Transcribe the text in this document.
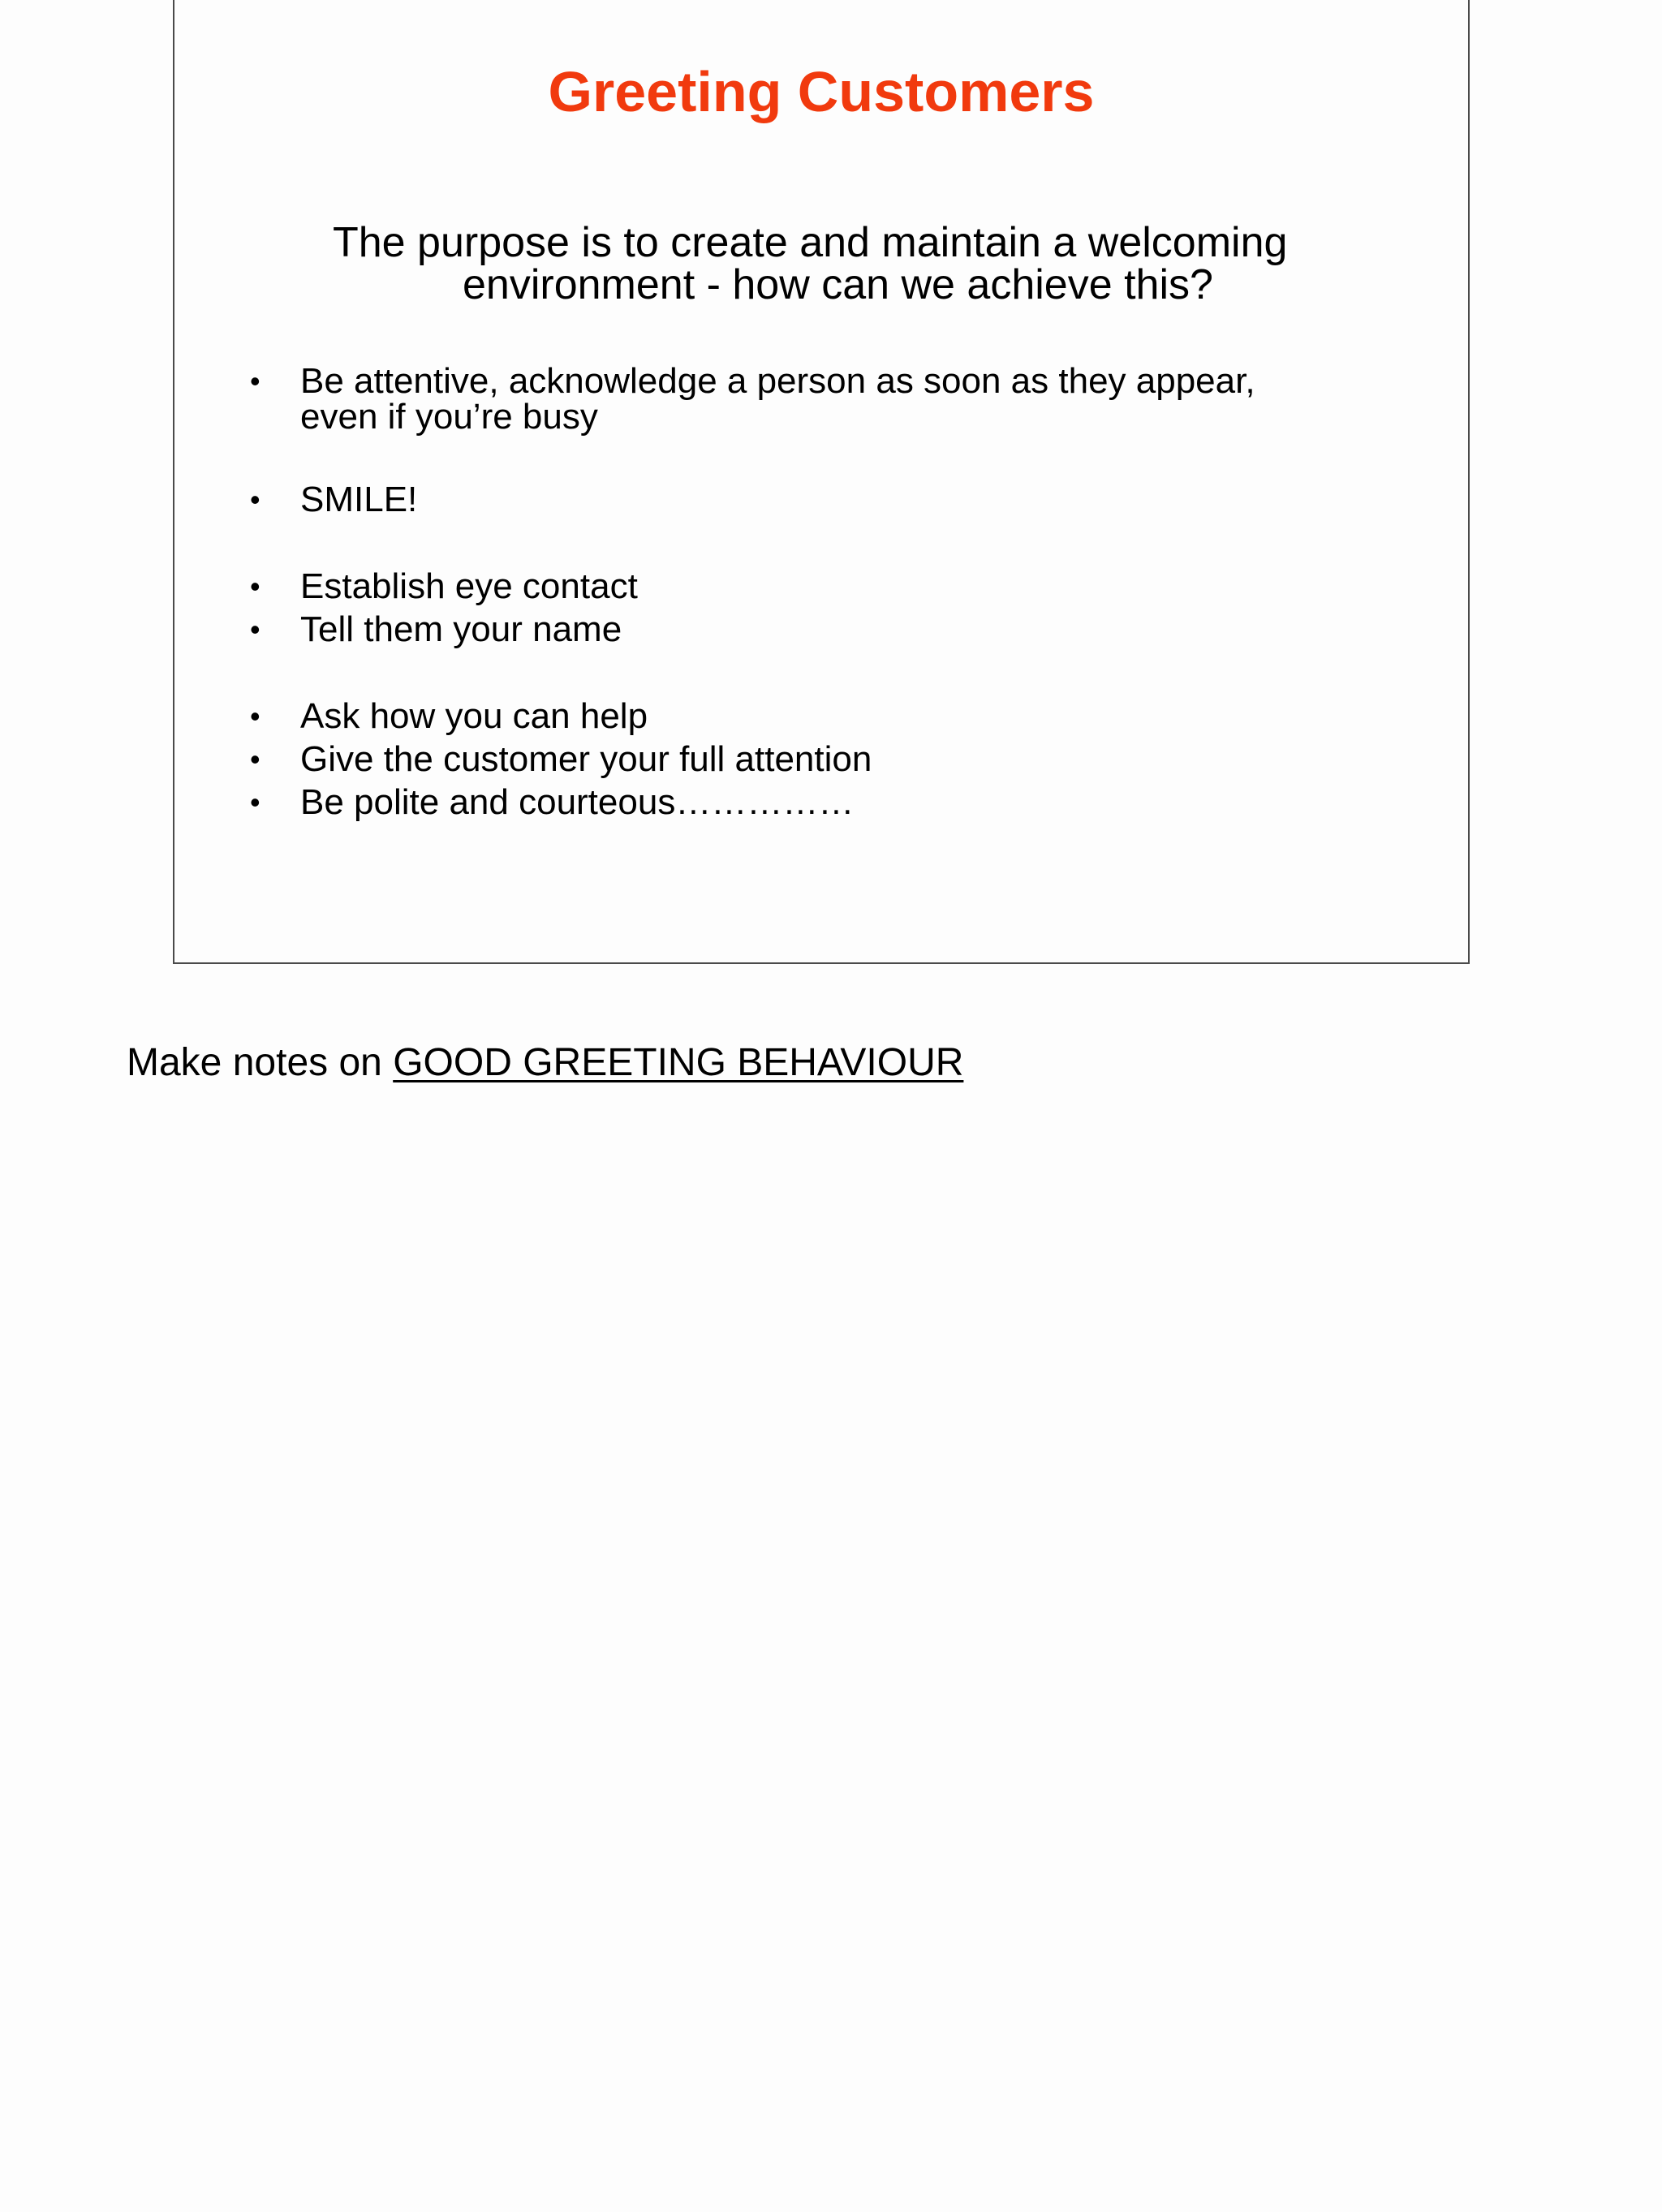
Greeting Customers
The purpose is to create and maintain a welcoming
environment - how can we achieve this?
•	Be attentive, acknowledge a person as soon as they appear,
even if you’re busy
•	SMILE!
•	Establish eye contact
•	Tell them your name
•	Ask how you can help
•	Give the customer your full attention
•	Be polite and courteous……………
Make notes on GOOD GREETING BEHAVIOUR
